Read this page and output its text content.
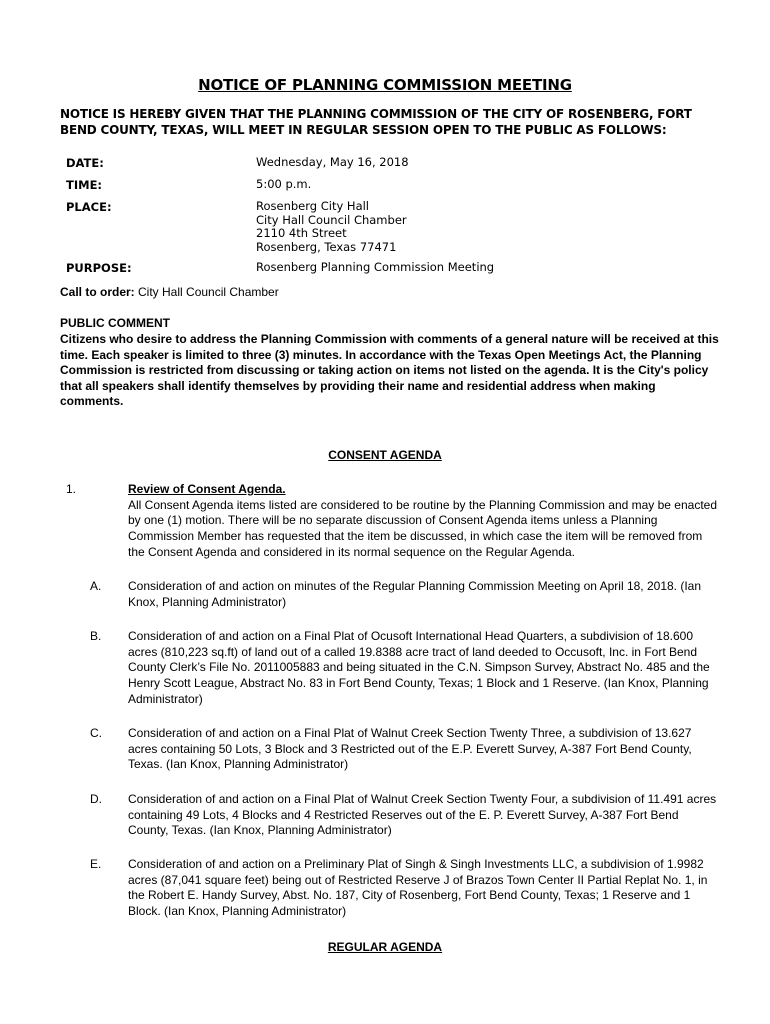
NOTICE OF PLANNING COMMISSION MEETING
NOTICE IS HEREBY GIVEN THAT THE PLANNING COMMISSION OF THE CITY OF ROSENBERG, FORT BEND COUNTY, TEXAS, WILL MEET IN REGULAR SESSION OPEN TO THE PUBLIC AS FOLLOWS:
DATE:	Wednesday, May 16, 2018
TIME:	5:00 p.m.
PLACE:	Rosenberg City Hall
City Hall Council Chamber
2110 4th Street
Rosenberg, Texas 77471
PURPOSE:	Rosenberg Planning Commission Meeting
Call to order: City Hall Council Chamber
PUBLIC COMMENT
Citizens who desire to address the Planning Commission with comments of a general nature will be received at this time. Each speaker is limited to three (3) minutes. In accordance with the Texas Open Meetings Act, the Planning Commission is restricted from discussing or taking action on items not listed on the agenda. It is the City's policy that all speakers shall identify themselves by providing their name and residential address when making comments.
CONSENT AGENDA
1.	Review of Consent Agenda.
All Consent Agenda items listed are considered to be routine by the Planning Commission and may be enacted by one (1) motion. There will be no separate discussion of Consent Agenda items unless a Planning Commission Member has requested that the item be discussed, in which case the item will be removed from the Consent Agenda and considered in its normal sequence on the Regular Agenda.
A. Consideration of and action on minutes of the Regular Planning Commission Meeting on April 18, 2018. (Ian Knox, Planning Administrator)
B. Consideration of and action on a Final Plat of Ocusoft International Head Quarters, a subdivision of 18.600 acres (810,223 sq.ft) of land out of a called 19.8388 acre tract of land deeded to Occusoft, Inc. in Fort Bend County Clerk’s File No. 2011005883 and being situated in the C.N. Simpson Survey, Abstract No. 485 and the Henry Scott League, Abstract No. 83 in Fort Bend County, Texas; 1 Block and 1 Reserve. (Ian Knox, Planning Administrator)
C. Consideration of and action on a Final Plat of Walnut Creek Section Twenty Three, a subdivision of 13.627 acres containing 50 Lots, 3 Block and 3 Restricted out of the E.P. Everett Survey, A-387 Fort Bend County, Texas. (Ian Knox, Planning Administrator)
D. Consideration of and action on a Final Plat of Walnut Creek Section Twenty Four, a subdivision of 11.491 acres containing 49 Lots, 4 Blocks and 4 Restricted Reserves out of the E. P. Everett Survey, A-387 Fort Bend County, Texas. (Ian Knox, Planning Administrator)
E. Consideration of and action on a Preliminary Plat of Singh & Singh Investments LLC, a subdivision of 1.9982 acres (87,041 square feet) being out of Restricted Reserve J of Brazos Town Center II Partial Replat No. 1, in the Robert E. Handy Survey, Abst. No. 187, City of Rosenberg, Fort Bend County, Texas; 1 Reserve and 1 Block. (Ian Knox, Planning Administrator)
REGULAR AGENDA
